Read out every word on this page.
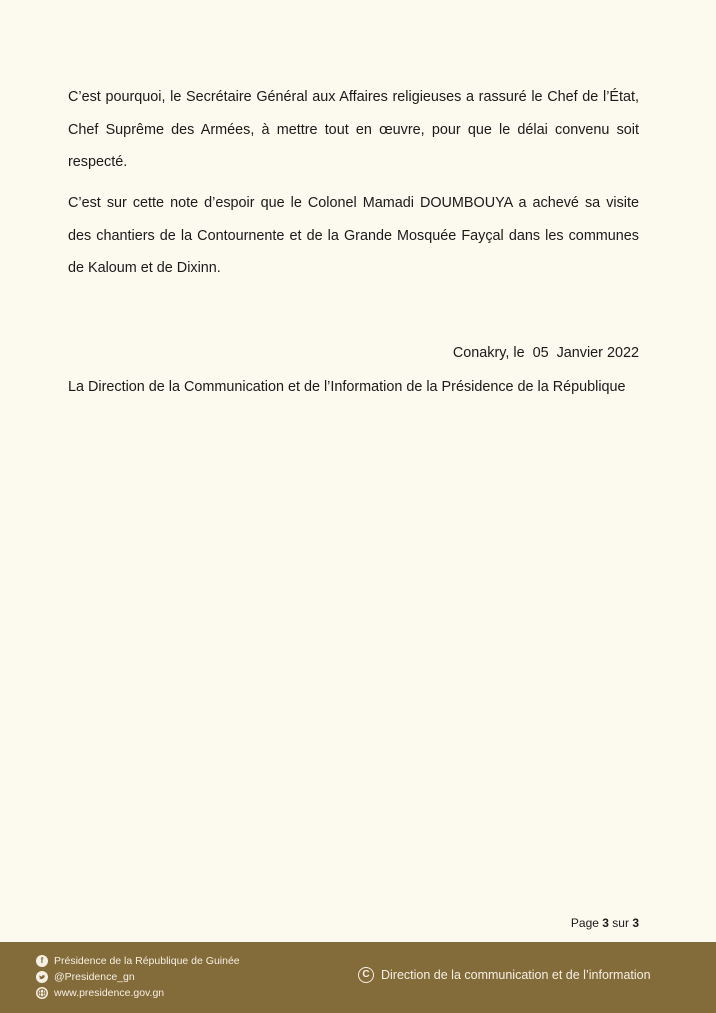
C’est pourquoi, le Secrétaire Général aux Affaires religieuses a rassuré le Chef de l’État, Chef Suprême des Armées, à mettre tout en œuvre, pour que le délai convenu soit respecté.

C’est sur cette note d’espoir que le Colonel Mamadi DOUMBOUYA a achevé sa visite des chantiers de la Contournente et de la Grande Mosquée Fayçal dans les communes de Kaloum et de Dixinn.

Conakry, le  05  Janvier 2022
La Direction de la Communication et de l’Information de la Présidence de la République
Page 3 sur 3
f	Présidence de la République de Guinée
@Presidence_gn
www.presidence.gov.gn
C Direction de la communication et de l’information
